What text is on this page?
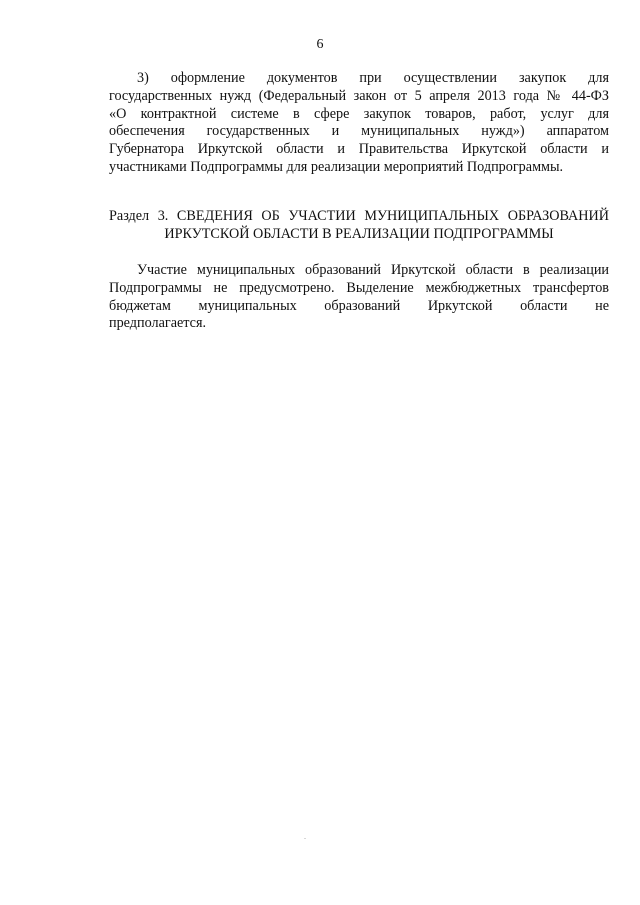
6
3) оформление документов при осуществлении закупок для
государственных нужд (Федеральный закон от 5 апреля 2013 года № 44-ФЗ
«О контрактной системе в сфере закупок товаров, работ, услуг для
обеспечения государственных и муниципальных нужд») аппаратом
Губернатора Иркутской области и Правительства Иркутской области и
участниками Подпрограммы для реализации мероприятий Подпрограммы.
Раздел 3. СВЕДЕНИЯ ОБ УЧАСТИИ МУНИЦИПАЛЬНЫХ ОБРАЗОВАНИЙ
ИРКУТСКОЙ ОБЛАСТИ В РЕАЛИЗАЦИИ ПОДПРОГРАММЫ
Участие муниципальных образований Иркутской области в реализации
Подпрограммы не предусмотрено. Выделение межбюджетных трансфертов
бюджетам муниципальных образований Иркутской области не
предполагается.
.
